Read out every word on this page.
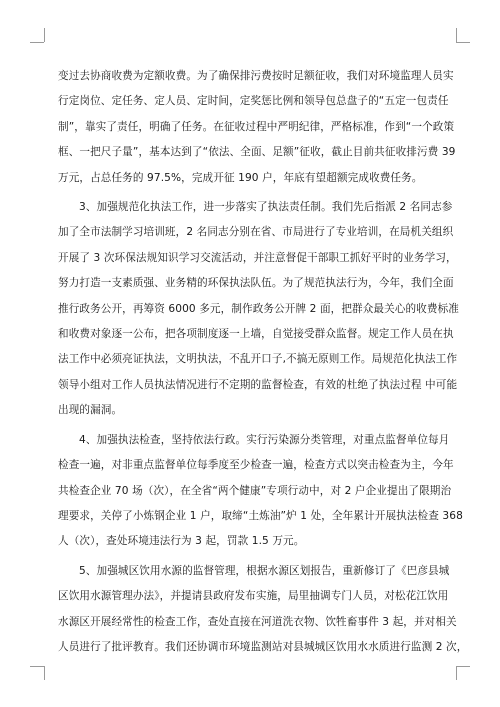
变过去协商收费为定额收费。为了确保排污费按时足额征收，我们对环境监理人员实
行定岗位、定任务、定人员、定时间，定奖惩比例和领导包总盘子的“五定一包责任
制”，靠实了责任，明确了任务。在征收过程中严明纪律，严格标准，作到“一个政策
框、一把尺子量”，基本达到了“依法、全面、足额”征收，截止目前共征收排污费 39
万元，占总任务的 97.5%，完成开征 190 户，年底有望超额完成收费任务。

3、加强规范化执法工作，进一步落实了执法责任制。我们先后指派 2 名同志参
加了全市法制学习培训班，2 名同志分别在省、市局进行了专业培训，在局机关组织
开展了 3 次环保法规知识学习交流活动，并注意督促干部职工抓好平时的业务学习，
努力打造一支素质强、业务精的环保执法队伍。为了规范执法行为，今年，我们全面
推行政务公开，再筹资 6000 多元，制作政务公开牌 2 面，把群众最关心的收费标准
和收费对象逐一公布，把各项制度逐一上墙，自觉接受群众监督。规定工作人员在执
法工作中必须亮证执法，文明执法，不乱开口子,不搞无原则工作。局规范化执法工作
领导小组对工作人员执法情况进行不定期的监督检查，有效的杜绝了执法过程 中可能
出现的漏洞。

4、加强执法检查，坚持依法行政。实行污染源分类管理，对重点监督单位每月
检查一遍，对非重点监督单位每季度至少检查一遍，检查方式以突击检查为主，今年
共检查企业 70 场（次），在全省“两个健康”专项行动中，对 2 户企业提出了限期治
理要求，关停了小炼钢企业 1 户，取缔“土炼油”炉 1 处，全年累计开展执法检查 368
人（次），查处环境违法行为 3 起，罚款 1.5 万元。

5、加强城区饮用水源的监督管理，根据水源区划报告，重新修订了《巴彦县城
区饮用水源管理办法》，并提请县政府发布实施，局里抽调专门人员，对松花江饮用
水源区开展经常性的检查工作，查处直接在河道洗衣物、饮牲畜事件 3 起，并对相关
人员进行了批评教育。我们还协调市环境监测站对县城城区饮用水水质进行监测 2 次，
